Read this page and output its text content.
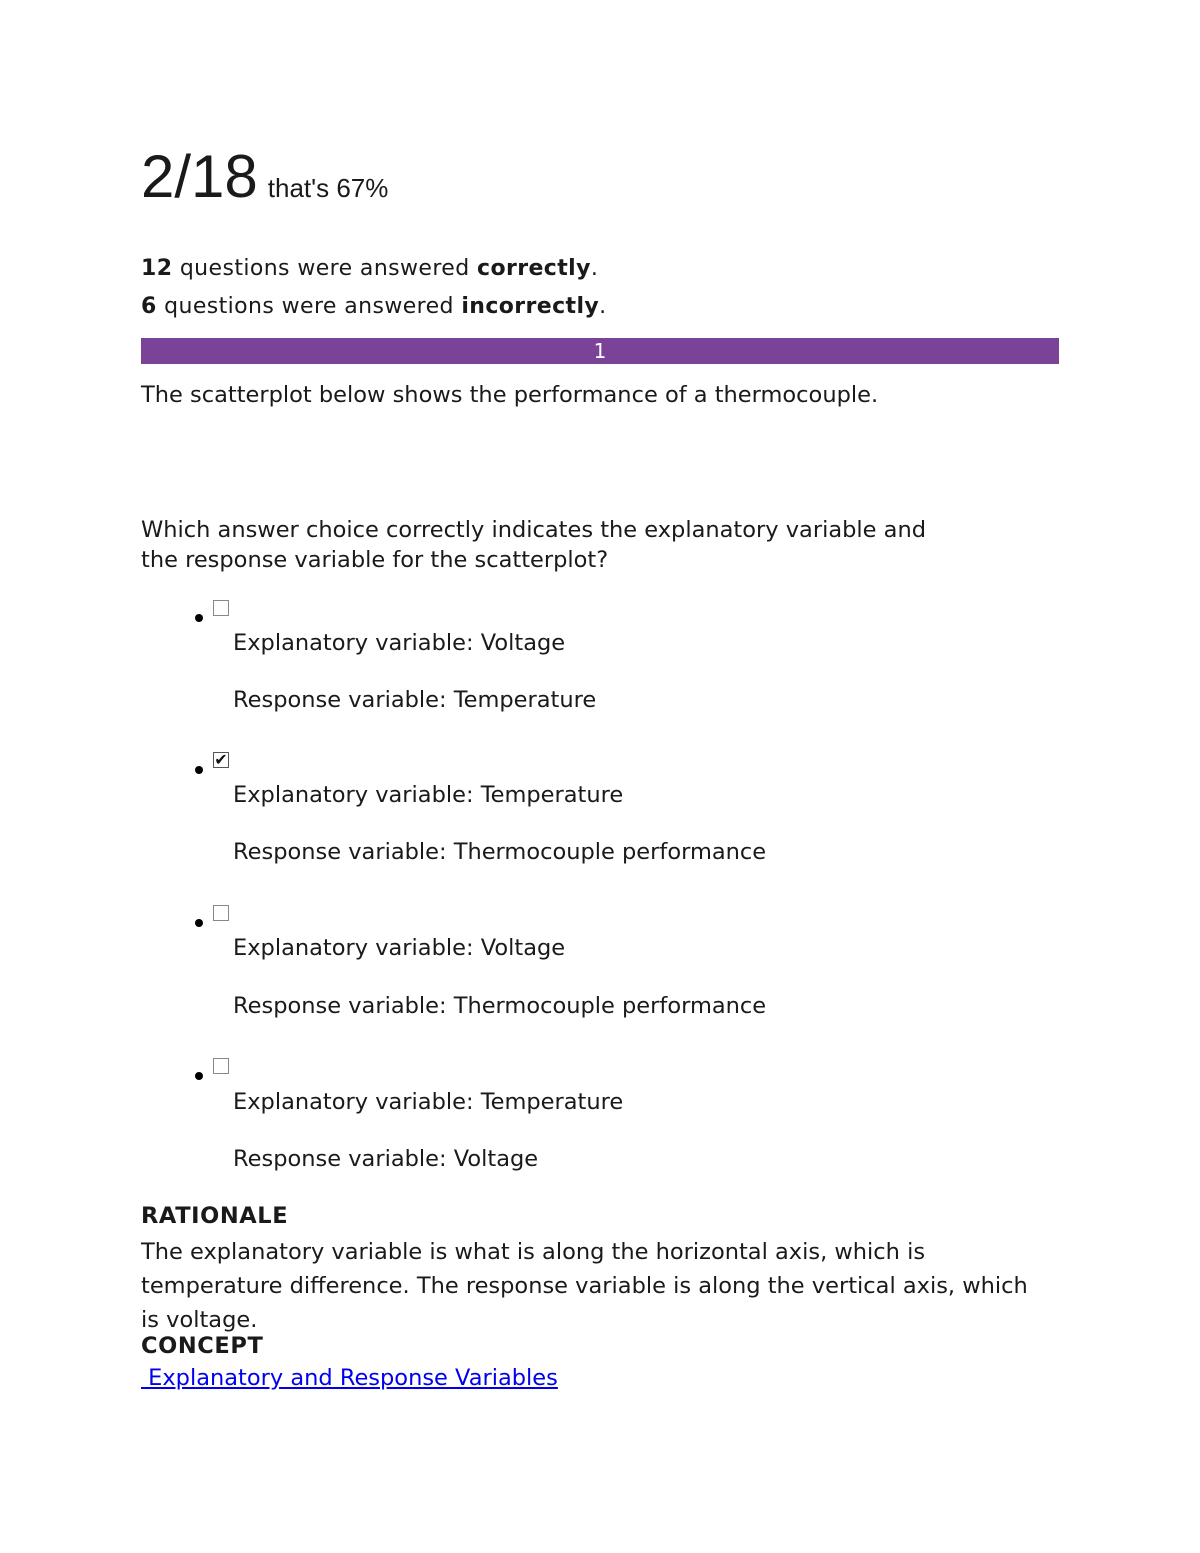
2/18 that's 67%
12 questions were answered correctly.
6 questions were answered incorrectly.
1
The scatterplot below shows the performance of a thermocouple.
Which answer choice correctly indicates the explanatory variable and
the response variable for the scatterplot?
Explanatory variable: Voltage
Response variable: Temperature
✔
Explanatory variable: Temperature
Response variable: Thermocouple performance
Explanatory variable: Voltage
Response variable: Thermocouple performance
Explanatory variable: Temperature
Response variable: Voltage
RATIONALE
The explanatory variable is what is along the horizontal axis, which is temperature difference. The response variable is along the vertical axis, which is voltage.
CONCEPT
Explanatory and Response Variables
